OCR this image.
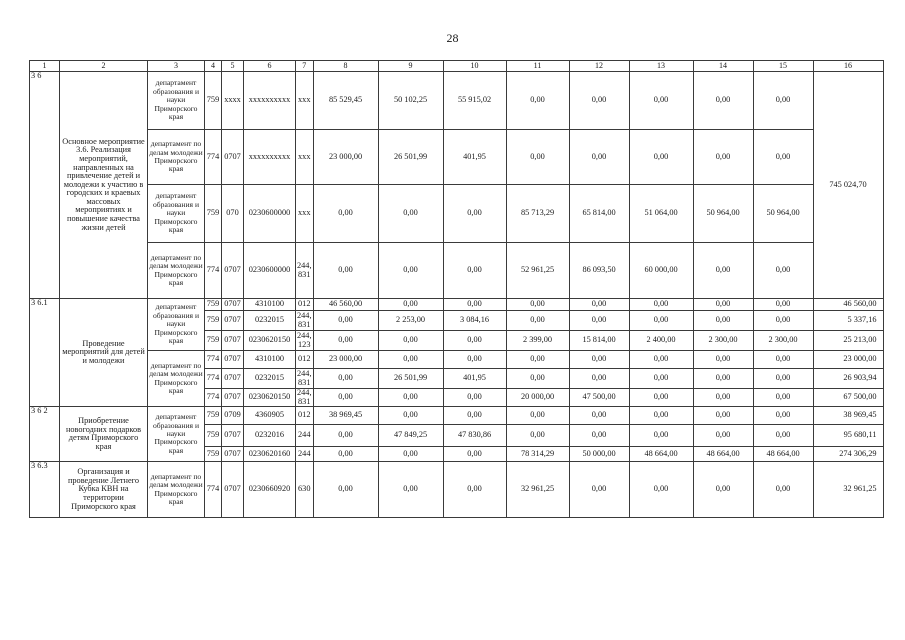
28
1	2	3	4	5	6	7	8	9	10	11	12	13	14	15	16
3 6	Основное мероприятие 3.6. Реализация мероприятий, направленных на привлечение детей и молодежи к участию в городских и краевых массовых мероприятиях и повышение качества жизни детей	департамент образования и науки Приморского края	759	xxxx	xxxxxxxxxx	xxx	85 529,45	50 102,25	55 915,02	0,00	0,00	0,00	0,00	0,00	745 024,70
		департамент по делам молодежи Приморского края	774	0707	xxxxxxxxxx	xxx	23 000,00	26 501,99	401,95	0,00	0,00	0,00	0,00	0,00	
		департамент образования и науки Приморского края	759	070	0230600000	xxx	0,00	0,00	0,00	85 713,29	65 814,00	51 064,00	50 964,00	50 964,00	
		департамент по делам молодежи Приморского края	774	0707	0230600000	244, 831	0,00	0,00	0,00	52 961,25	86 093,50	60 000,00	0,00	0,00	
3 6.1	Проведение мероприятий для детей и молодежи	департамент образования и науки Приморского края	759	0707	4310100	012	46 560,00	0,00	0,00	0,00	0,00	0,00	0,00	0,00	46 560,00
			759	0707	0232015	244, 831	0,00	2 253,00	3 084,16	0,00	0,00	0,00	0,00	0,00	5 337,16
			759	0707	0230620150	244, 123	0,00	0,00	0,00	2 399,00	15 814,00	2 400,00	2 300,00	2 300,00	25 213,00
		департамент по делам молодежи Приморского края	774	0707	4310100	012	23 000,00	0,00	0,00	0,00	0,00	0,00	0,00	0,00	23 000,00
			774	0707	0232015	244, 831	0,00	26 501,99	401,95	0,00	0,00	0,00	0,00	0,00	26 903,94
			774	0707	0230620150	244, 831	0,00	0,00	0,00	20 000,00	47 500,00	0,00	0,00	0,00	67 500,00
3 6 2	Приобретение новогодних подарков детям Приморского края	департамент образования и науки Приморского края	759	0709	4360905	012	38 969,45	0,00	0,00	0,00	0,00	0,00	0,00	0,00	38 969,45
			759	0707	0232016	244	0,00	47 849,25	47 830,86	0,00	0,00	0,00	0,00	0,00	95 680,11
			759	0707	0230620160	244	0,00	0,00	0,00	78 314,29	50 000,00	48 664,00	48 664,00	48 664,00	274 306,29
3 6.3	Организация и проведение Летнего Кубка КВН на территории Приморского края	департамент по делам молодежи Приморского края	774	0707	0230660920	630	0,00	0,00	0,00	32 961,25	0,00	0,00	0,00	0,00	32 961,25
